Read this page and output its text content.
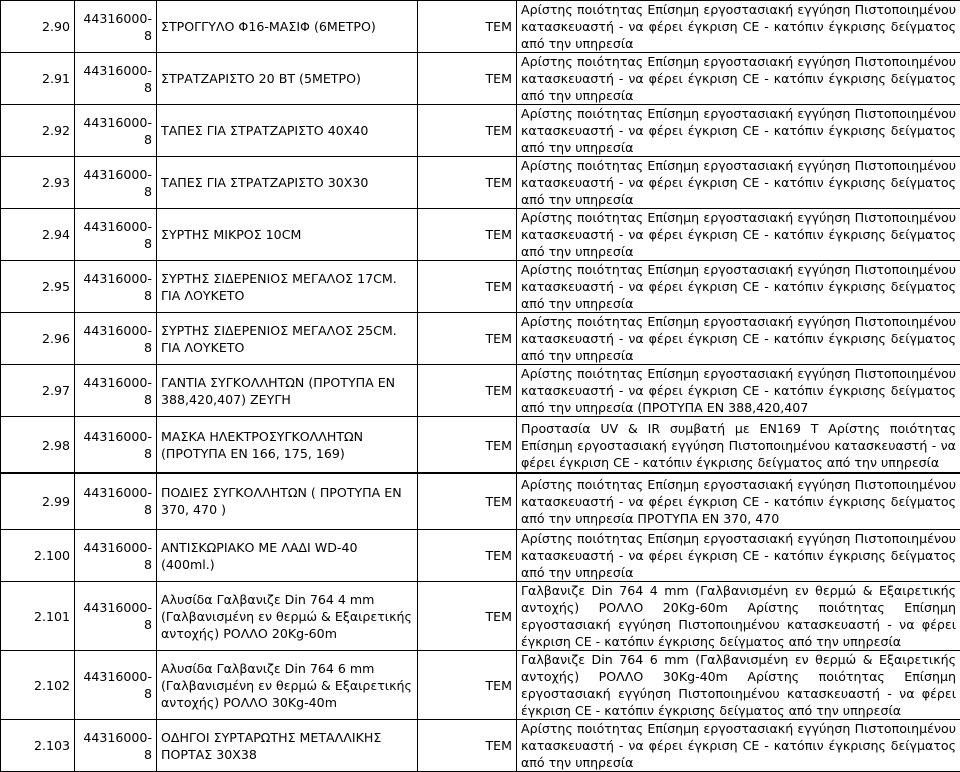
2.90	44316000-8	ΣΤΡΟΓΓΥΛΟ Φ16-ΜΑΣΙΦ (6ΜΕΤΡΟ)	ΤΕΜ	Αρίστης ποιότητας Επίσημη εργοστασιακή εγγύηση Πιστοποιημένου κατασκευαστή - να φέρει έγκριση CE - κατόπιν έγκρισης δείγματος από την υπηρεσία
2.91	44316000-8	ΣΤΡΑΤΖΑΡΙΣΤΟ 20 ΒΤ (5ΜΕΤΡΟ)	ΤΕΜ	Αρίστης ποιότητας Επίσημη εργοστασιακή εγγύηση Πιστοποιημένου κατασκευαστή - να φέρει έγκριση CE - κατόπιν έγκρισης δείγματος από την υπηρεσία
2.92	44316000-8	ΤΑΠΕΣ ΓΙΑ ΣΤΡΑΤΖΑΡΙΣΤΟ 40Χ40	ΤΕΜ	Αρίστης ποιότητας Επίσημη εργοστασιακή εγγύηση Πιστοποιημένου κατασκευαστή - να φέρει έγκριση CE - κατόπιν έγκρισης δείγματος από την υπηρεσία
2.93	44316000-8	ΤΑΠΕΣ ΓΙΑ ΣΤΡΑΤΖΑΡΙΣΤΟ 30Χ30	ΤΕΜ	Αρίστης ποιότητας Επίσημη εργοστασιακή εγγύηση Πιστοποιημένου κατασκευαστή - να φέρει έγκριση CE - κατόπιν έγκρισης δείγματος από την υπηρεσία
2.94	44316000-8	ΣΥΡΤΗΣ ΜΙΚΡΟΣ 10CM	ΤΕΜ	Αρίστης ποιότητας Επίσημη εργοστασιακή εγγύηση Πιστοποιημένου κατασκευαστή - να φέρει έγκριση CE - κατόπιν έγκρισης δείγματος από την υπηρεσία
2.95	44316000-8	ΣΥΡΤΗΣ ΣΙΔΕΡΕΝΙΟΣ ΜΕΓΑΛΟΣ 17CM. ΓΙΑ ΛΟΥΚΕΤΟ	ΤΕΜ	Αρίστης ποιότητας Επίσημη εργοστασιακή εγγύηση Πιστοποιημένου κατασκευαστή - να φέρει έγκριση CE - κατόπιν έγκρισης δείγματος από την υπηρεσία
2.96	44316000-8	ΣΥΡΤΗΣ ΣΙΔΕΡΕΝΙΟΣ ΜΕΓΑΛΟΣ 25CM. ΓΙΑ ΛΟΥΚΕΤΟ	ΤΕΜ	Αρίστης ποιότητας Επίσημη εργοστασιακή εγγύηση Πιστοποιημένου κατασκευαστή - να φέρει έγκριση CE - κατόπιν έγκρισης δείγματος από την υπηρεσία
2.97	44316000-8	ΓΑΝΤΙΑ ΣΥΓΚΟΛΛΗΤΩΝ (ΠΡΟΤΥΠΑ ΕΝ 388,420,407) ΖΕΥΓΗ	ΤΕΜ	Αρίστης ποιότητας Επίσημη εργοστασιακή εγγύηση Πιστοποιημένου κατασκευαστή - να φέρει έγκριση CE - κατόπιν έγκρισης δείγματος από την υπηρεσία (ΠΡΟΤΥΠΑ ΕΝ 388,420,407
2.98	44316000-8	ΜΑΣΚΑ ΗΛΕΚΤΡΟΣΥΓΚΟΛΛΗΤΩΝ (ΠΡΟΤΥΠΑ ΕΝ 166, 175, 169)	ΤΕΜ	Προστασία UV & IR συμβατή με EN169 Τ Αρίστης ποιότητας Επίσημη εργοστασιακή εγγύηση Πιστοποιημένου κατασκευαστή - να φέρει έγκριση CE - κατόπιν έγκρισης δείγματος από την υπηρεσία
2.99	44316000-8	ΠΟΔΙΕΣ ΣΥΓΚΟΛΛΗΤΩΝ ( ΠΡΟΤΥΠΑ ΕΝ 370, 470 )	ΤΕΜ	Αρίστης ποιότητας Επίσημη εργοστασιακή εγγύηση Πιστοποιημένου κατασκευαστή - να φέρει έγκριση CE - κατόπιν έγκρισης δείγματος από την υπηρεσία ΠΡΟΤΥΠΑ ΕΝ 370, 470
2.100	44316000-8	ΑΝΤΙΣΚΩΡΙΑΚΟ ΜΕ ΛΑΔΙ WD-40 (400ml.)	ΤΕΜ	Αρίστης ποιότητας Επίσημη εργοστασιακή εγγύηση Πιστοποιημένου κατασκευαστή - να φέρει έγκριση CE - κατόπιν έγκρισης δείγματος από την υπηρεσία
2.101	44316000-8	Αλυσίδα Γαλβανιζε Din 764 4 mm (Γαλβανισμένη εν θερμώ & Εξαιρετικής αντοχής) ΡΟΛΛΟ 20Kg-60m	ΤΕΜ	Γαλβανιζε Din 764 4 mm (Γαλβανισμένη εν θερμώ & Εξαιρετικής αντοχής) ΡΟΛΛΟ 20Kg-60m Αρίστης ποιότητας Επίσημη εργοστασιακή εγγύηση Πιστοποιημένου κατασκευαστή - να φέρει έγκριση CE - κατόπιν έγκρισης δείγματος από την υπηρεσία
2.102	44316000-8	Αλυσίδα Γαλβανιζε Din 764 6 mm (Γαλβανισμένη εν θερμώ & Εξαιρετικής αντοχής) ΡΟΛΛΟ 30Kg-40m	ΤΕΜ	Γαλβανιζε Din 764 6 mm (Γαλβανισμένη εν θερμώ & Εξαιρετικής αντοχής) ΡΟΛΛΟ 30Kg-40m Αρίστης ποιότητας Επίσημη εργοστασιακή εγγύηση Πιστοποιημένου κατασκευαστή - να φέρει έγκριση CE - κατόπιν έγκρισης δείγματος από την υπηρεσία
2.103	44316000-8	ΟΔΗΓΟΙ ΣΥΡΤΑΡΩΤΗΣ ΜΕΤΑΛΛΙΚΗΣ ΠΟΡΤΑΣ 30Χ38	ΤΕΜ	Αρίστης ποιότητας Επίσημη εργοστασιακή εγγύηση Πιστοποιημένου κατασκευαστή - να φέρει έγκριση CE - κατόπιν έγκρισης δείγματος από την υπηρεσία
